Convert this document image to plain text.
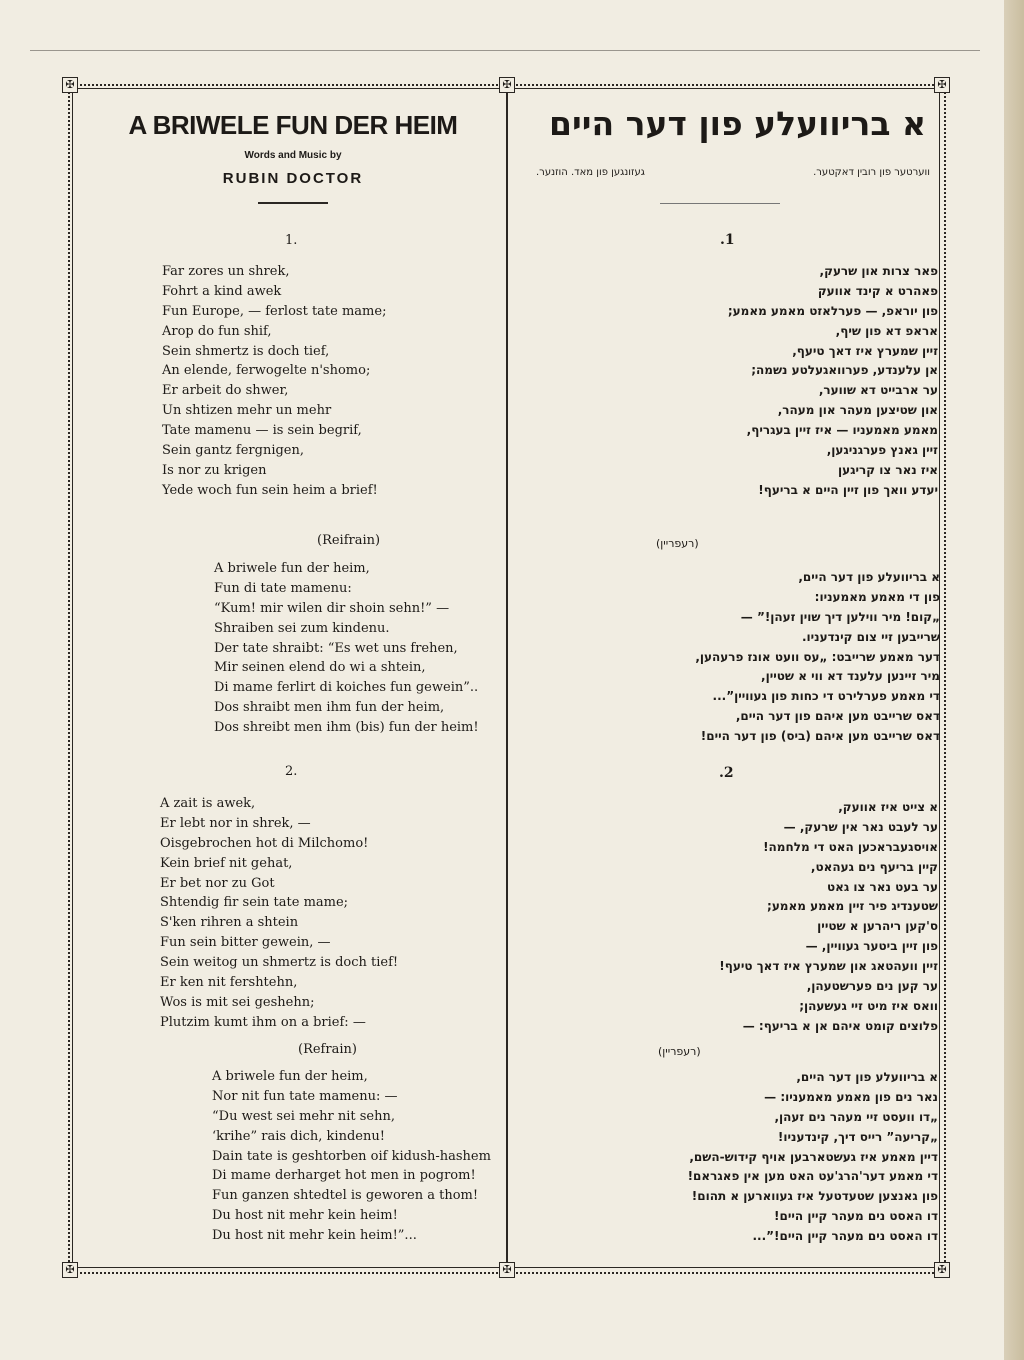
✠	✠	✠
✠	✠	✠
A BRIWELE FUN DER HEIM
Words and Music by
RUBIN DOCTOR
1.
Far zores un shrek,
Fohrt a kind awek
Fun Europe, — ferlost tate mame;
Arop do fun shif,
Sein shmertz is doch tief,
An elende, ferwogelte n'shomo;
Er arbeit do shwer,
Un shtizen mehr un mehr
Tate mamenu — is sein begrif,
Sein gantz fergnigen,
Is nor zu krigen
Yede woch fun sein heim a brief!
(Reifrain)
A briwele fun der heim,
Fun di tate mamenu:
“Kum! mir wilen dir shoin sehn!” —
Shraiben sei zum kindenu.
Der tate shraibt: “Es wet uns frehen,
Mir seinen elend do wi a shtein,
Di mame ferlirt di koiches fun gewein”..
Dos shraibt men ihm fun der heim,
Dos shreibt men ihm (bis) fun der heim!
2.
A zait is awek,
Er lebt nor in shrek, —
Oisgebrochen hot di Milchomo!
Kein brief nit gehat,
Er bet nor zu Got
Shtendig fir sein tate mame;
S'ken rihren a shtein
Fun sein bitter gewein, —
Sein weitog un shmertz is doch tief!
Er ken nit fershtehn,
Wos is mit sei geshehn;
Plutzim kumt ihm on a brief: —
(Refrain)
A briwele fun der heim,
Nor nit fun tate mamenu: —
“Du west sei mehr nit sehn,
‘krihe” rais dich, kindenu!
Dain tate is geshtorben oif kidush-hashem
Di mame derharget hot men in pogrom!
Fun ganzen shtedtel is geworen a thom!
Du host nit mehr kein heim!
Du host nit mehr kein heim!”...
א בריוועלע פון דער היים
ווערטער פון רובין דאקטער.
געזונגען פון מאד. הוזנער.
.1
פאר צרות און שרעק,
פאהרט א קינד אוועק
פון יוראפ, — פערלאזט מאמע מאמע;
אראפ דא פון שיף,
זיין שמערץ איז דאך טיעף,
אן עלענדע, פערוואגעלטע נשמה;
ער ארבייט דא שווער,
און שטיצען מעהר און מעהר,
מאמע מאמעניו — איז זיין בעגריף,
זיין גאנץ פערגניגען,
איז נאר צו קריגען
יעדע וואך פון זיין היים א בריעף!
(רעפריין)
א בריוועלע פון דער היים,
פון די מאמע מאמעניו:
„קום! מיר ווילען דיך שוין זעהן!” —
שרייבען זיי צום קינדעניו.
דער מאמע שרייבט: „עס וועט אונז פרעהען,
מיר זיינען עלענד דא ווי א שטיין,
די מאמע פערלירט די כחות פון געוויין”...
דאס שרייבט מען איהם פון דער היים,
דאס שרייבט מען איהם (ביס) פון דער היים!
.2
א צייט איז אוועק,
ער לעבט נאר אין שרעק, —
אויסגעבראכען האט די מלחמה!
קיין בריעף נים געהאט,
ער בעט נאר צו גאט
שטענדיג פיר זיין מאמע מאמע;
ס'קען ריהרען א שטיין
פון זיין ביטער געוויין, —
זיין וועהטאג און שמערץ איז דאך טיעף!
ער קען נים פערשטעהן,
וואס איז מיט זיי געשעהן;
פלוצים קומט איהם אן א בריעף: —
(רעפריין)
א בריוועלע פון דער היים,
נאר נים פון מאמע מאמעניו: —
„דו וועסט זיי מעהר נים זעהן,
„קריעה” רייס דיך, קינדעניו!
דיין מאמע איז געשטארבען אויף קידוש-השם,
די מאמע דער'הרג'עט האט מען אין פאגראם!
פון גאנצען שטעדטעל איז געווארען א תהום!
דו האסט נים מעהר קיין היים!
דו האסט נים מעהר קיין היים!”...
